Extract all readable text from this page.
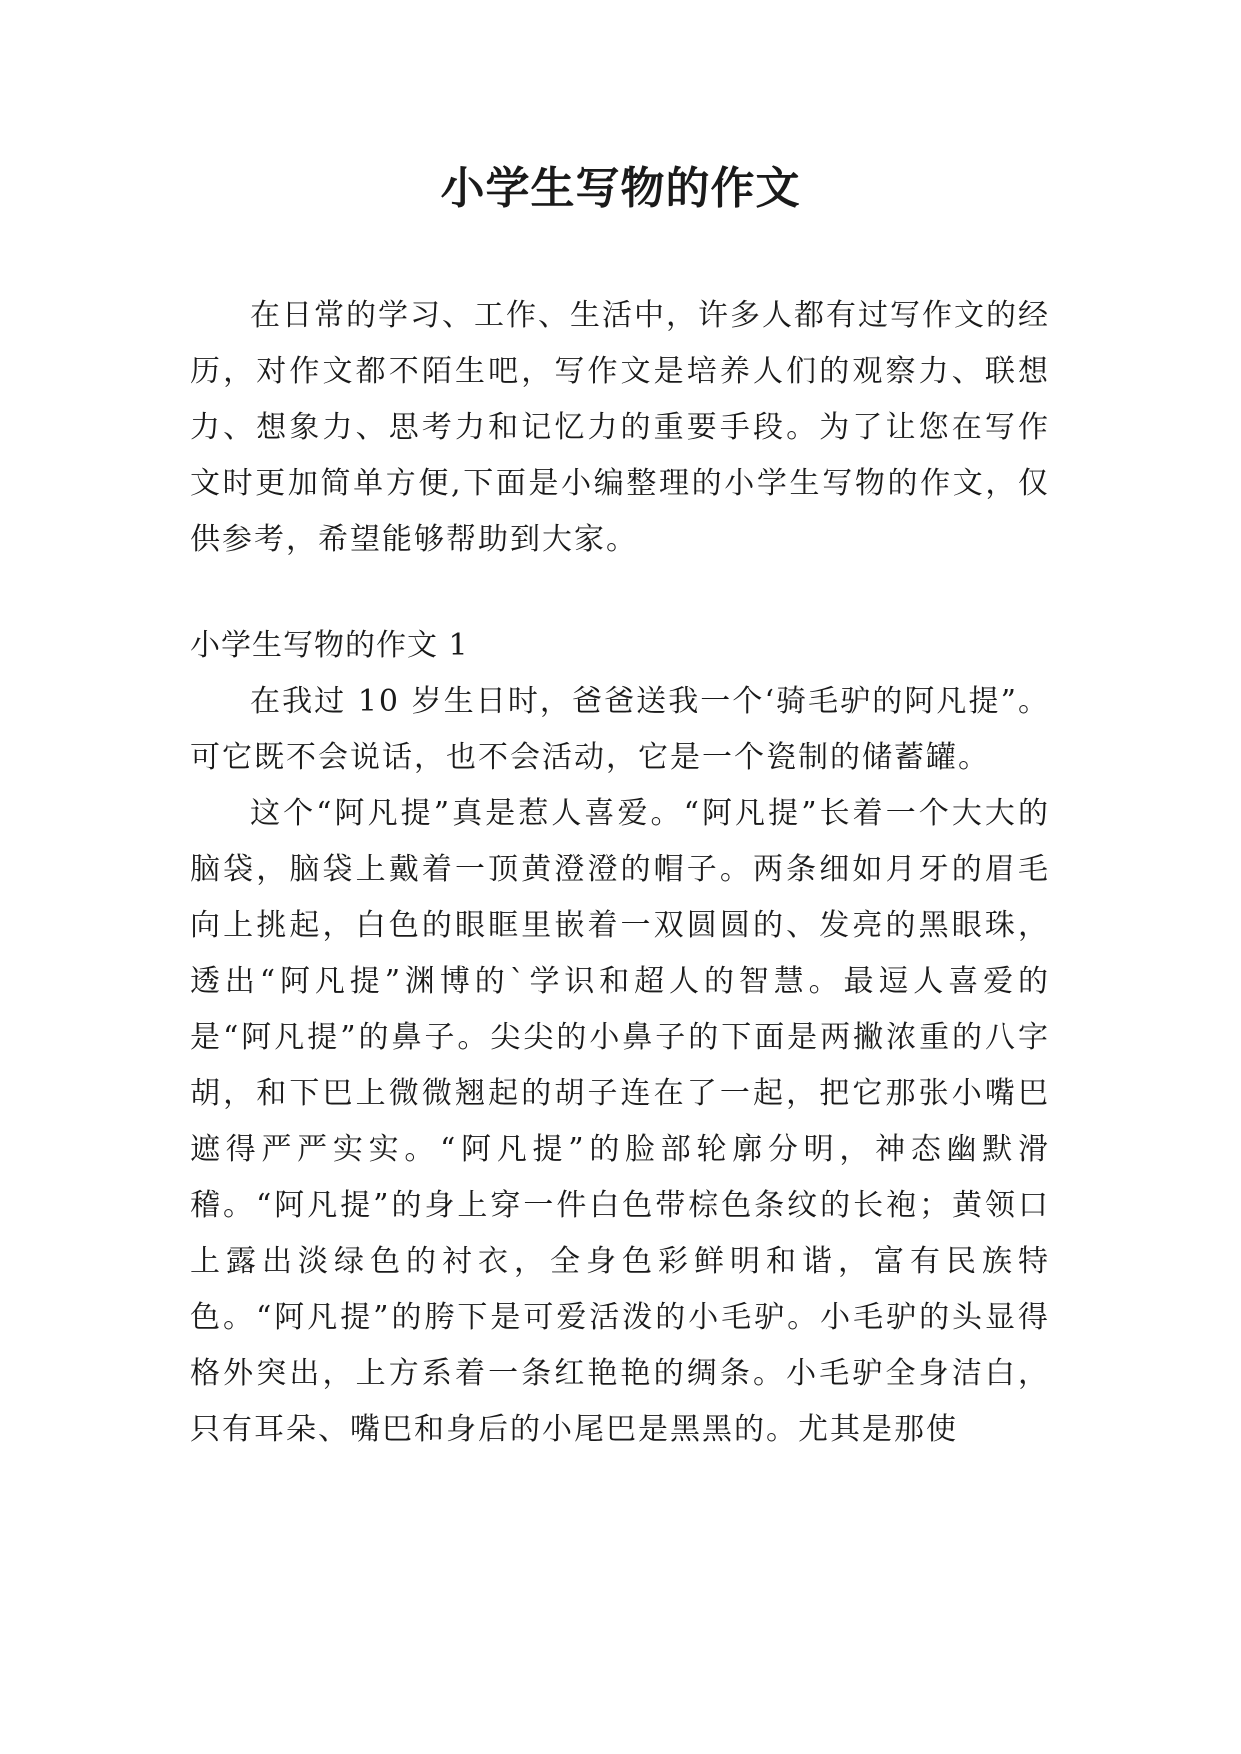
小学生写物的作文

在日常的学习、工作、生活中，许多人都有过写作文的经历，对作文都不陌生吧，写作文是培养人们的观察力、联想力、想象力、思考力和记忆力的重要手段。为了让您在写作文时更加简单方便,下面是小编整理的小学生写物的作文，仅供参考，希望能够帮助到大家。

小学生写物的作文 1

在我过 10 岁生日时，爸爸送我一个‘骑毛驴的阿凡提”。可它既不会说话，也不会活动，它是一个瓷制的储蓄罐。

这个“阿凡提”真是惹人喜爱。“阿凡提”长着一个大大的脑袋，脑袋上戴着一顶黄澄澄的帽子。两条细如月牙的眉毛向上挑起，白色的眼眶里嵌着一双圆圆的、发亮的黑眼珠，透出“阿凡提”渊博的`学识和超人的智慧。最逗人喜爱的是“阿凡提”的鼻子。尖尖的小鼻子的下面是两撇浓重的八字胡，和下巴上微微翘起的胡子连在了一起，把它那张小嘴巴遮得严严实实。“阿凡提”的脸部轮廓分明，神态幽默滑稽。“阿凡提”的身上穿一件白色带棕色条纹的长袍；黄领口上露出淡绿色的衬衣，全身色彩鲜明和谐，富有民族特色。“阿凡提”的胯下是可爱活泼的小毛驴。小毛驴的头显得格外突出，上方系着一条红艳艳的绸条。小毛驴全身洁白，只有耳朵、嘴巴和身后的小尾巴是黑黑的。尤其是那使
